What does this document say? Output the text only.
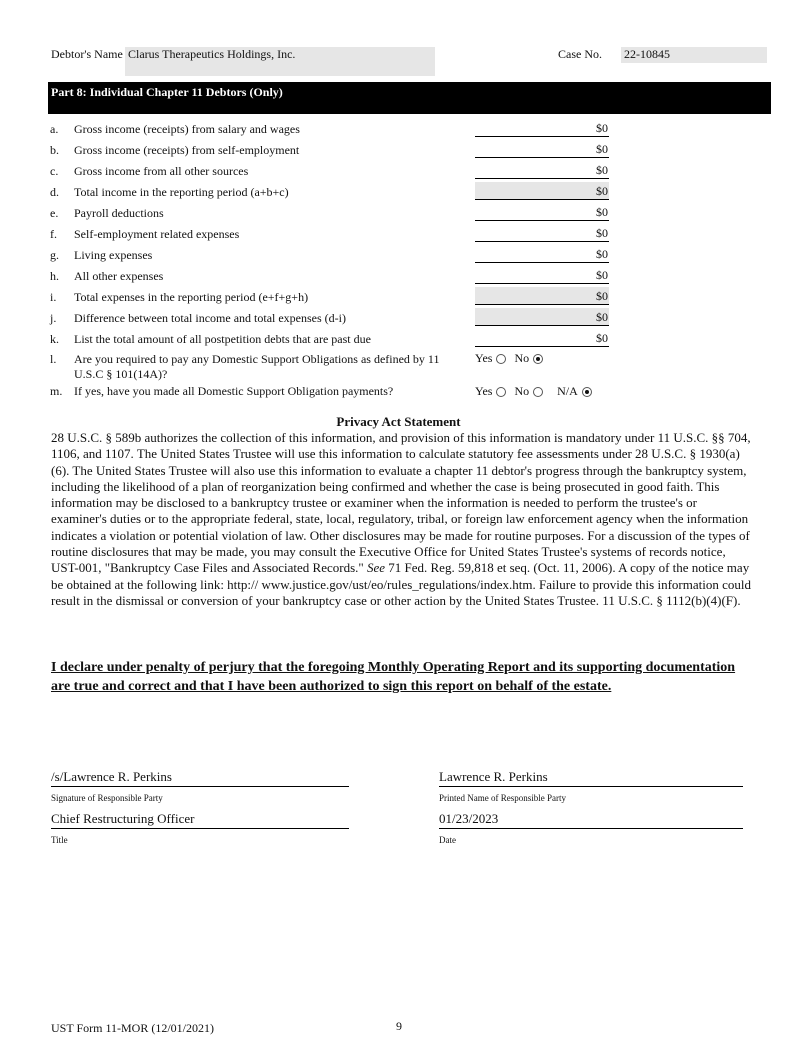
Debtor's Name Clarus Therapeutics Holdings, Inc.	Case No. 22-10845
Part 8: Individual Chapter 11 Debtors (Only)
a. Gross income (receipts) from salary and wages	$0
b. Gross income (receipts) from self-employment	$0
c. Gross income from all other sources	$0
d. Total income in the reporting period (a+b+c)	$0
e. Payroll deductions	$0
f. Self-employment related expenses	$0
g. Living expenses	$0
h. All other expenses	$0
i. Total expenses in the reporting period (e+f+g+h)	$0
j. Difference between total income and total expenses (d-i)	$0
k. List the total amount of all postpetition debts that are past due	$0
l. Are you required to pay any Domestic Support Obligations as defined by 11 U.S.C § 101(14A)?
Yes No
m. If yes, have you made all Domestic Support Obligation payments?	Yes No N/A
Privacy Act Statement
28 U.S.C. § 589b authorizes the collection of this information, and provision of this information is mandatory under 11 U.S.C. §§ 704, 1106, and 1107. The United States Trustee will use this information to calculate statutory fee assessments under 28 U.S.C. § 1930(a)(6). The United States Trustee will also use this information to evaluate a chapter 11 debtor's progress through the bankruptcy system, including the likelihood of a plan of reorganization being confirmed and whether the case is being prosecuted in good faith. This information may be disclosed to a bankruptcy trustee or examiner when the information is needed to perform the trustee's or examiner's duties or to the appropriate federal, state, local, regulatory, tribal, or foreign law enforcement agency when the information indicates a violation or potential violation of law. Other disclosures may be made for routine purposes. For a discussion of the types of routine disclosures that may be made, you may consult the Executive Office for United States Trustee's systems of records notice, UST-001, "Bankruptcy Case Files and Associated Records." See 71 Fed. Reg. 59,818 et seq. (Oct. 11, 2006). A copy of the notice may be obtained at the following link: http:// www.justice.gov/ust/eo/rules_regulations/index.htm. Failure to provide this information could result in the dismissal or conversion of your bankruptcy case or other action by the United States Trustee. 11 U.S.C. § 1112(b)(4)(F).
I declare under penalty of perjury that the foregoing Monthly Operating Report and its supporting documentation are true and correct and that I have been authorized to sign this report on behalf of the estate.
/s/Lawrence R. Perkins
Signature of Responsible Party
Lawrence R. Perkins
Printed Name of Responsible Party
Chief Restructuring Officer
Title
01/23/2023
Date
UST Form 11-MOR (12/01/2021)	9
